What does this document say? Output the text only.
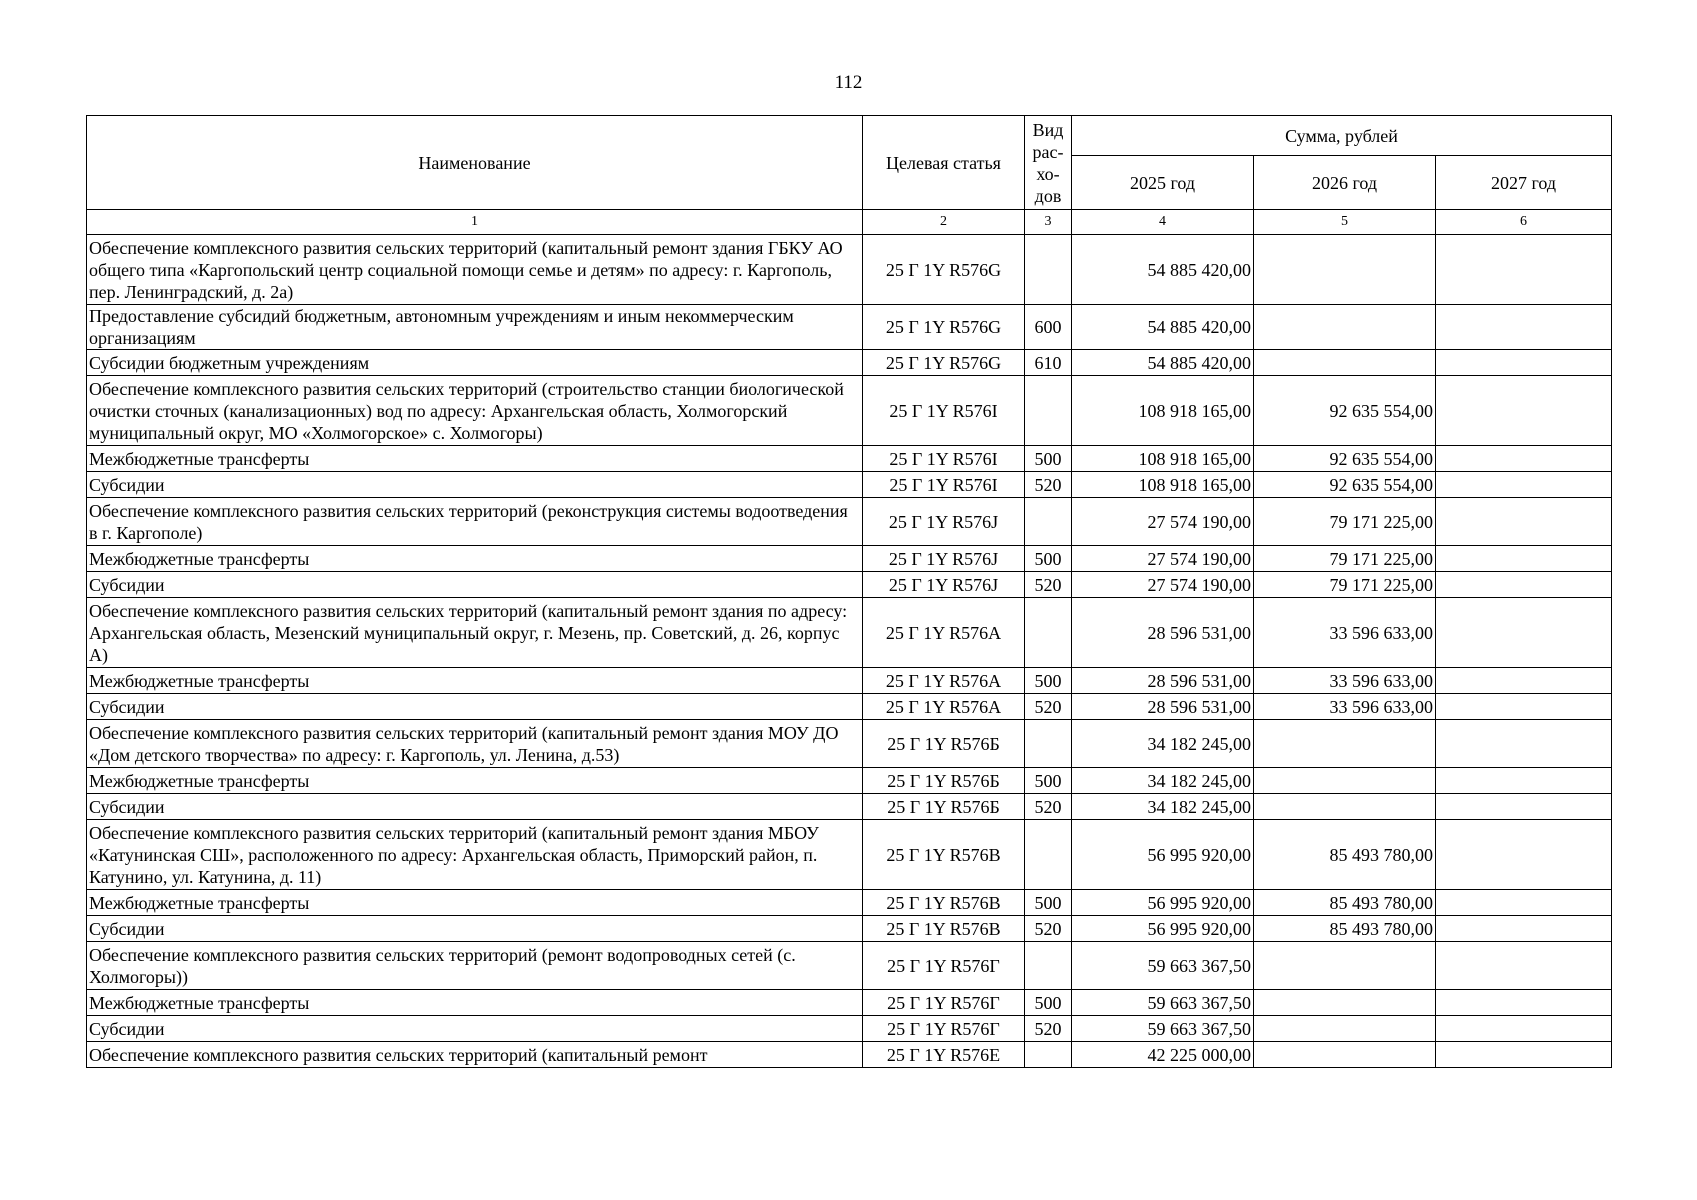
112
Наименование	Целевая статья	Вид рас-хо-дов	Сумма, рублей		
			2025 год	2026 год	2027 год
1	2	3	4	5	6
Обеспечение комплексного развития сельских территорий (капитальный ремонт здания ГБКУ АО общего типа «Каргопольский центр социальной помощи семье и детям» по адресу: г. Каргополь, пер. Ленинградский, д. 2а)	25 Г 1Y R576G		54 885 420,00		
Предоставление субсидий бюджетным, автономным учреждениям и иным некоммерческим организациям	25 Г 1Y R576G	600	54 885 420,00		
Субсидии бюджетным учреждениям	25 Г 1Y R576G	610	54 885 420,00		
Обеспечение комплексного развития сельских территорий (строительство станции биологической очистки сточных (канализационных) вод по адресу: Архангельская область, Холмогорский муниципальный округ, МО «Холмогорское» с. Холмогоры)	25 Г 1Y R576I		108 918 165,00	92 635 554,00	
Межбюджетные трансферты	25 Г 1Y R576I	500	108 918 165,00	92 635 554,00	
Субсидии	25 Г 1Y R576I	520	108 918 165,00	92 635 554,00	
Обеспечение комплексного развития сельских территорий (реконструкция системы водоотведения в г. Каргополе)	25 Г 1Y R576J		27 574 190,00	79 171 225,00	
Межбюджетные трансферты	25 Г 1Y R576J	500	27 574 190,00	79 171 225,00	
Субсидии	25 Г 1Y R576J	520	27 574 190,00	79 171 225,00	
Обеспечение комплексного развития сельских территорий (капитальный ремонт здания по адресу: Архангельская область, Мезенский муниципальный округ, г. Мезень, пр. Советский, д. 26, корпус А)	25 Г 1Y R576A		28 596 531,00	33 596 633,00	
Межбюджетные трансферты	25 Г 1Y R576A	500	28 596 531,00	33 596 633,00	
Субсидии	25 Г 1Y R576A	520	28 596 531,00	33 596 633,00	
Обеспечение комплексного развития сельских территорий (капитальный ремонт здания МОУ ДО «Дом детского творчества» по адресу: г. Каргополь, ул. Ленина, д.53)	25 Г 1Y R576Б		34 182 245,00		
Межбюджетные трансферты	25 Г 1Y R576Б	500	34 182 245,00		
Субсидии	25 Г 1Y R576Б	520	34 182 245,00		
Обеспечение комплексного развития сельских территорий (капитальный ремонт здания МБОУ «Катунинская СШ», расположенного по адресу: Архангельская область, Приморский район, п. Катунино, ул. Катунина, д. 11)	25 Г 1Y R576B		56 995 920,00	85 493 780,00	
Межбюджетные трансферты	25 Г 1Y R576B	500	56 995 920,00	85 493 780,00	
Субсидии	25 Г 1Y R576B	520	56 995 920,00	85 493 780,00	
Обеспечение комплексного развития сельских территорий (ремонт водопроводных сетей (с. Холмогоры))	25 Г 1Y R576Г		59 663 367,50		
Межбюджетные трансферты	25 Г 1Y R576Г	500	59 663 367,50		
Субсидии	25 Г 1Y R576Г	520	59 663 367,50		
Обеспечение комплексного развития сельских территорий (капитальный ремонт	25 Г 1Y R576E		42 225 000,00		
